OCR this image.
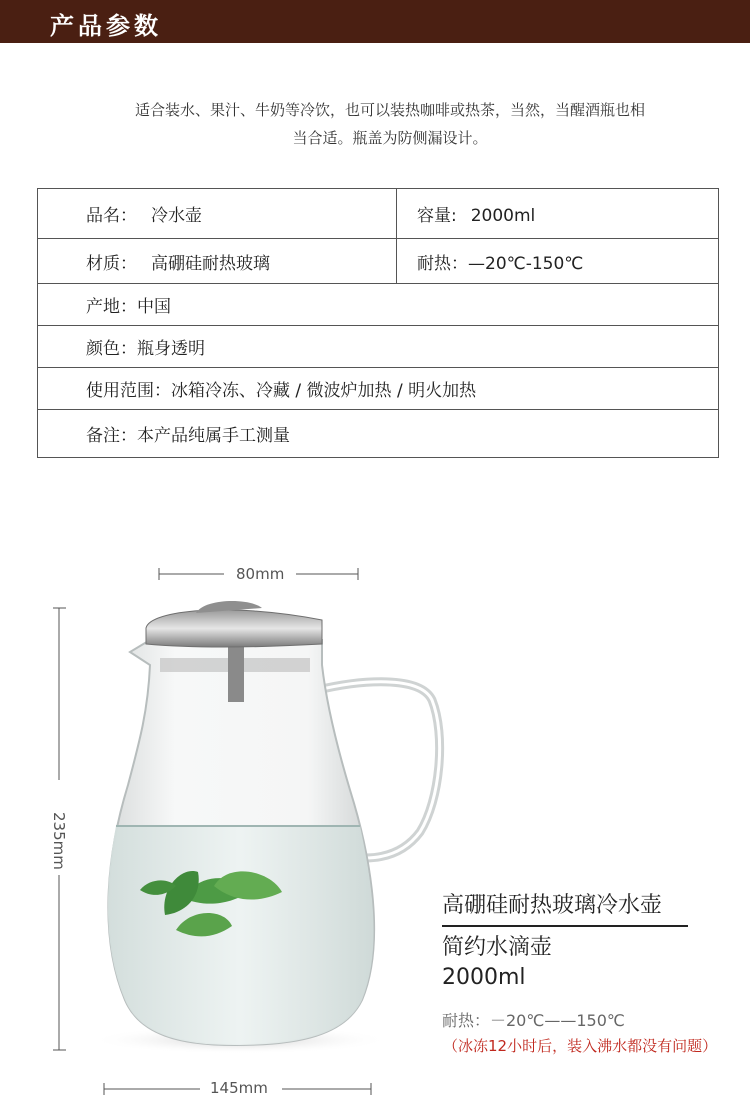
产品参数
适合装水、果汁、牛奶等冷饮，也可以装热咖啡或热茶，当然，当醒酒瓶也相
当合适。瓶盖为防侧漏设计。
品名： 冷水壶	容量: 2000ml
材质： 高硼硅耐热玻璃	耐热：—20℃-150℃
产地：中国	
颜色：瓶身透明	
使用范围：冰箱冷冻、冷藏 / 微波炉加热 / 明火加热	
备注：本产品纯属手工测量	
80mm
235mm
145mm
高硼硅耐热玻璃冷水壶
简约水滴壶
2000ml
耐热：－20℃——150℃
（冰冻12小时后，装入沸水都没有问题）
